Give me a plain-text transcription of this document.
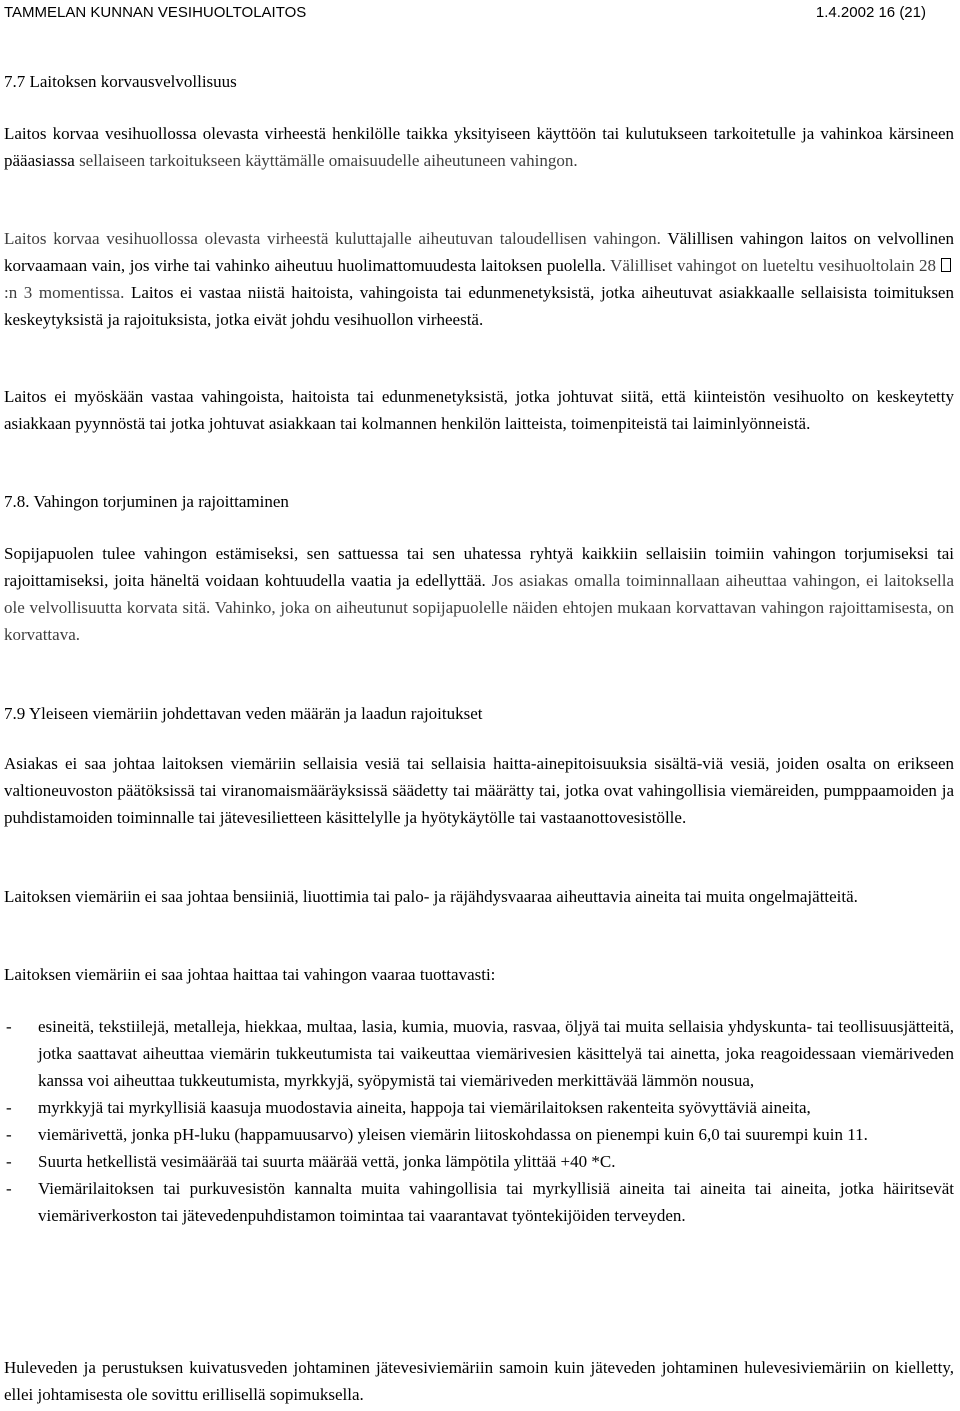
TAMMELAN KUNNAN VESIHUOLTOLAITOS	1.4.2002 16 (21)
7.7 Laitoksen korvausvelvollisuus

Laitos korvaa vesihuollossa olevasta virheestä henkilölle taikka yksityiseen käyttöön tai kulutukseen tarkoitetulle ja vahinkoa kärsineen pääasiassa sellaiseen tarkoitukseen käyttämälle omaisuudelle aiheutuneen vahingon.

Laitos korvaa vesihuollossa olevasta virheestä kuluttajalle aiheutuvan taloudellisen vahingon. Välillisen vahingon laitos on velvollinen korvaamaan vain, jos virhe tai vahinko aiheutuu huolimattomuudesta laitoksen puolella. Välilliset vahingot on lueteltu vesihuoltolain 28:n 3 momentissa. Laitos ei vastaa niistä haitoista, vahingoista tai edunmenetyksistä, jotka aiheutuvat asiakkaalle sellaisista toimituksen keskeytyksistä ja rajoituksista, jotka eivät johdu vesihuollon virheestä.

Laitos ei myöskään vastaa vahingoista, haitoista tai edunmenetyksistä, jotka johtuvat siitä, että kiinteistön vesihuolto on keskeytetty asiakkaan pyynnöstä tai jotka johtuvat asiakkaan tai kolmannen henkilön laitteista, toimenpiteistä tai laiminlyönneistä.

7.8. Vahingon torjuminen ja rajoittaminen

Sopijapuolen tulee vahingon estämiseksi, sen sattuessa tai sen uhatessa ryhtyä kaikkiin sellaisiin toimiin vahingon torjumiseksi tai rajoittamiseksi, joita häneltä voidaan kohtuudella vaatia ja edellyttää. Jos asiakas omalla toiminnallaan aiheuttaa vahingon, ei laitoksella ole velvollisuutta korvata sitä. Vahinko, joka on aiheutunut sopijapuolelle näiden ehtojen mukaan korvattavan vahingon rajoittamisesta, on korvattava.

7.9 Yleiseen viemäriin johdettavan veden määrän ja laadun rajoitukset

Asiakas ei saa johtaa laitoksen viemäriin sellaisia vesiä tai sellaisia haitta-ainepitoisuuksia sisältä-viä vesiä, joiden osalta on erikseen valtioneuvoston päätöksissä tai viranomaismääräyksissä säädetty tai määrätty tai, jotka ovat vahingollisia viemäreiden, pumppaamoiden ja puhdistamoiden toiminnalle tai jätevesilietteen käsittelylle ja hyötykäytölle tai vastaanottovesistölle.

Laitoksen viemäriin ei saa johtaa bensiiniä, liuottimia tai palo- ja räjähdysvaaraa aiheuttavia aineita tai muita ongelmajätteitä.

Laitoksen viemäriin ei saa johtaa haittaa tai vahingon vaaraa tuottavasti:

- esineitä, tekstiilejä, metalleja, hiekkaa, multaa, lasia, kumia, muovia, rasvaa, öljyä tai muita sellaisia yhdyskunta- tai teollisuusjätteitä, jotka saattavat aiheuttaa viemärin tukkeutumista tai vaikeuttaa viemärivesien käsittelyä tai ainetta, joka reagoidessaan viemäriveden kanssa voi aiheuttaa tukkeutumista, myrkkyjä, syöpymistä tai viemäriveden merkittävää lämmön nousua,
- myrkkyjä tai myrkyllisiä kaasuja muodostavia aineita, happoja tai viemärilaitoksen rakenteita syövyttäviä aineita,
- viemärivettä, jonka pH-luku (happamuusarvo) yleisen viemärin liitoskohdassa on pienempi kuin 6,0 tai suurempi kuin 11.
- Suurta hetkellistä vesimäärää tai suurta määrää vettä, jonka lämpötila ylittää +40 *C.
- Viemärilaitoksen tai purkuvesistön kannalta muita vahingollisia tai myrkyllisiä aineita tai aineita tai aineita, jotka häiritsevät viemäriverkoston tai jätevedenpuhdistamon toimintaa tai vaarantavat työntekijöiden terveyden.

Huleveden ja perustuksen kuivatusveden johtaminen jätevesiviemäriin samoin kuin jäteveden johtaminen hulevesiviemäriin on kielletty, ellei johtamisesta ole sovittu erillisellä sopimuksella.
